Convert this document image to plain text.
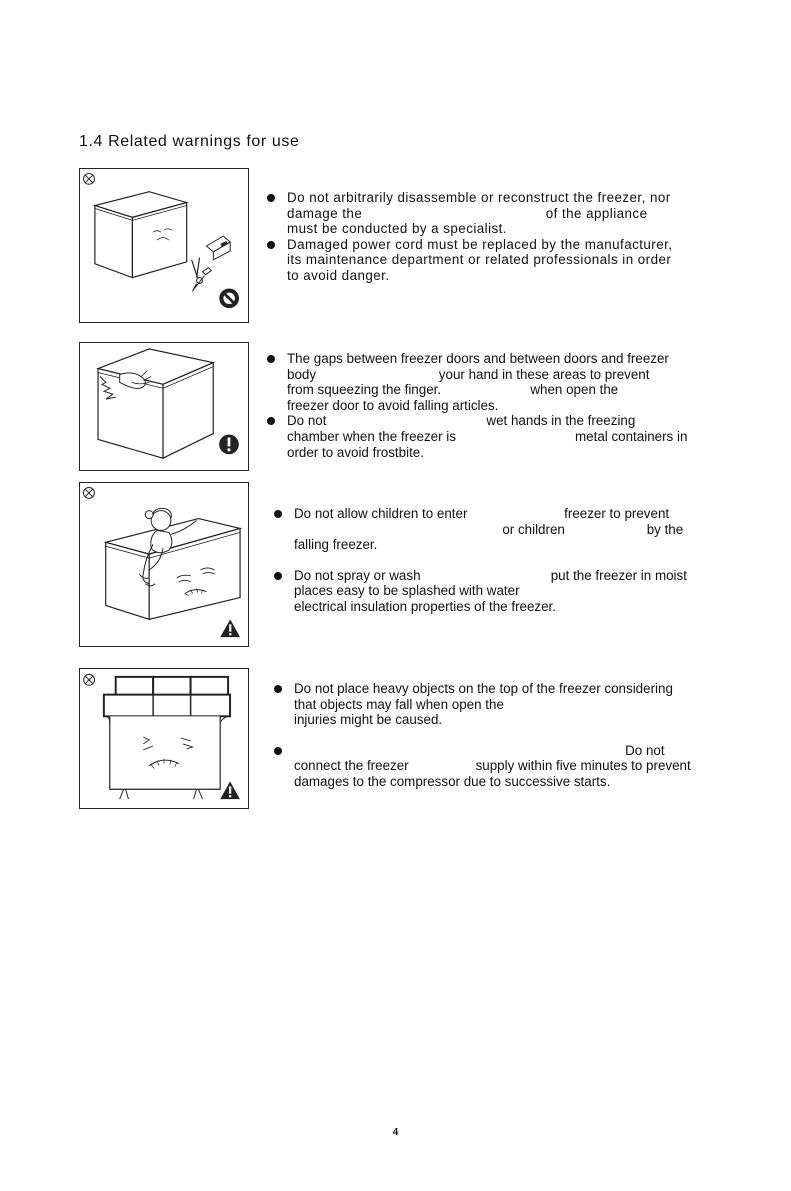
1.4 Related warnings for use
Do not arbitrarily disassemble or reconstruct the freezer, nor
damage the                                            of the appliance
must be conducted by a specialist.
Damaged power cord must be replaced by the manufacturer,
its maintenance department or related professionals in order
to avoid danger.
The gaps between freezer doors and between doors and freezer
body                                 your hand in these areas to prevent
from squeezing the finger.                        when open the
freezer door to avoid falling articles.
Do not                                           wet hands in the freezing
chamber when the freezer is                                metal containers in
order to avoid frostbite.
Do not allow children to enter                          freezer to prevent
or children                      by the
falling freezer.
Do not spray or wash                                   put the freezer in moist
places easy to be splashed with water
electrical insulation properties of the freezer.
Do not place heavy objects on the top of the freezer considering
that objects may fall when open the
injuries might be caused.
Do not
connect the freezer                  supply within five minutes to prevent
damages to the compressor due to successive starts.
4
